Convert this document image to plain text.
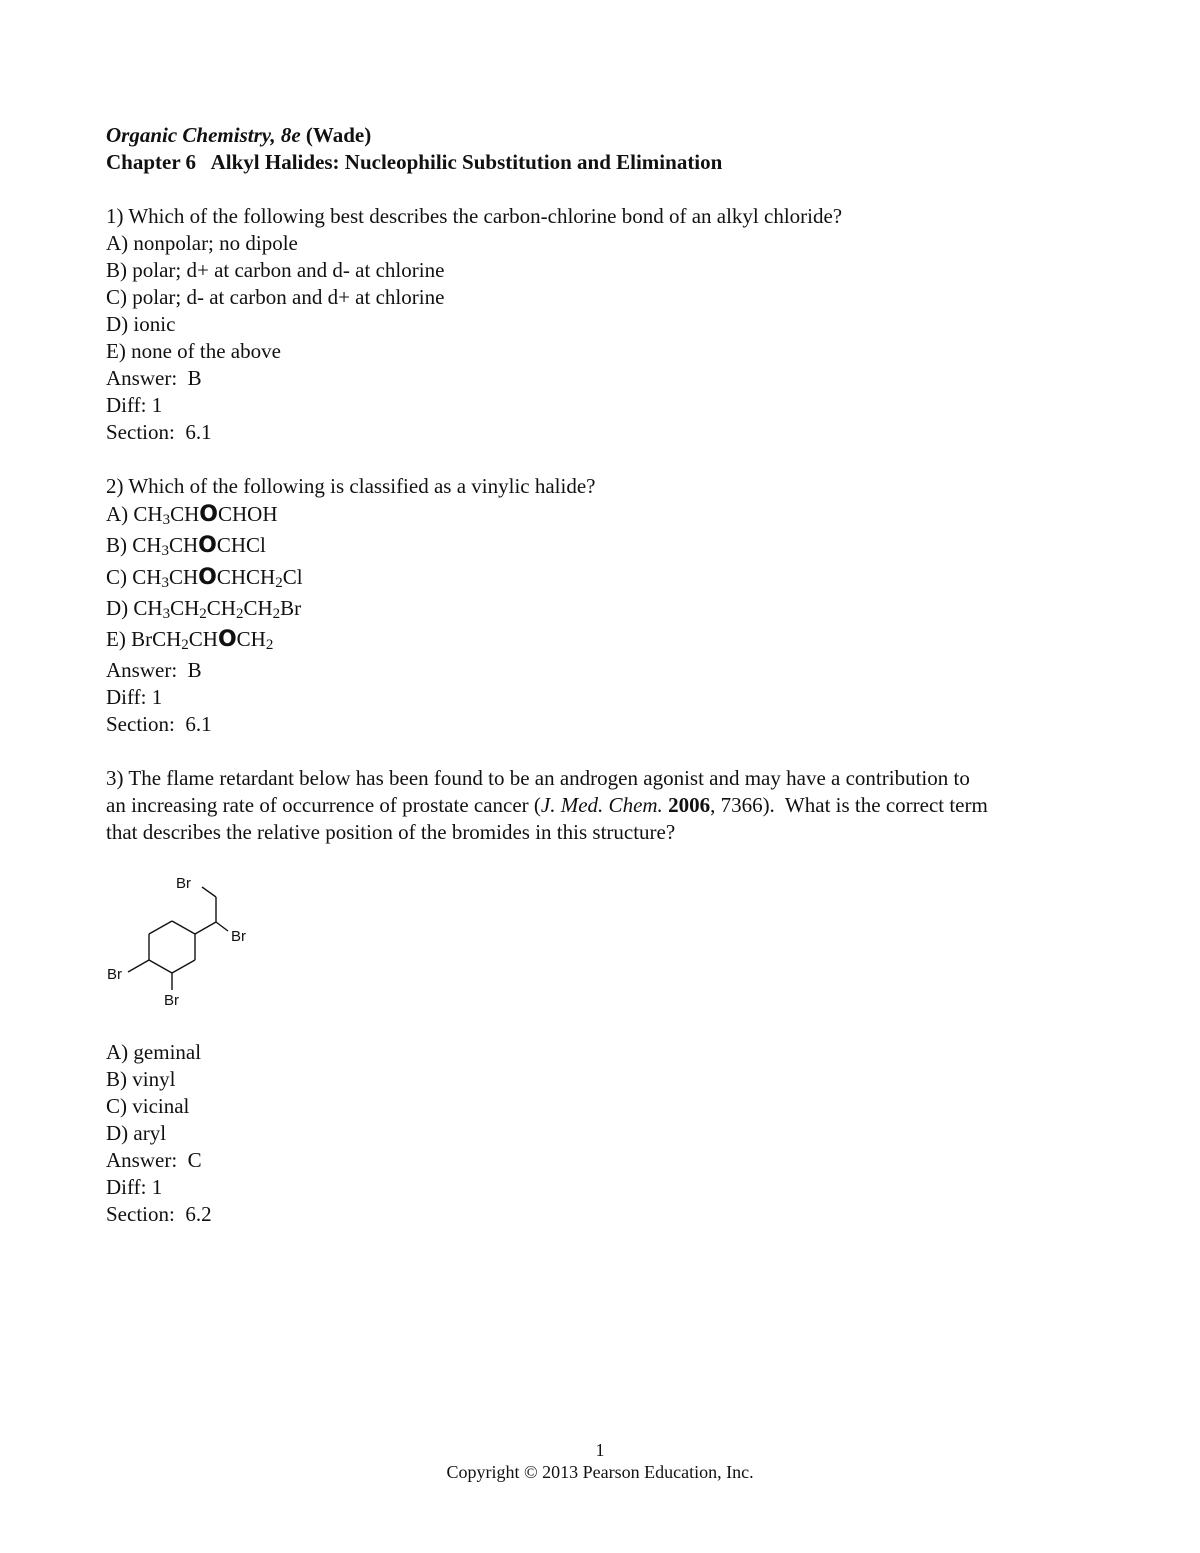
Organic Chemistry, 8e (Wade)
Chapter 6   Alkyl Halides: Nucleophilic Substitution and Elimination
1) Which of the following best describes the carbon-chlorine bond of an alkyl chloride?
A) nonpolar; no dipole
B) polar; d+ at carbon and d- at chlorine
C) polar; d- at carbon and d+ at chlorine
D) ionic
E) none of the above
Answer:  B
Diff: 1
Section:  6.1
2) Which of the following is classified as a vinylic halide?
A) $CH_3CHOCHOH$
B) $CH_3CHOCHCl$
C) $CH_3CHOCHCH_2Cl$
D) $CH_3CH_2CH_2CH_2Br$
E) $BrCH_2CHOCH_2$
Answer:  B
Diff: 1
Section:  6.1
3) The flame retardant below has been found to be an androgen agonist and may have a contribution to
an increasing rate of occurrence of prostate cancer (J. Med. Chem. 2006, 7366).  What is the correct term
that describes the relative position of the bromides in this structure?
Br
Br
Br
Br
A) geminal
B) vinyl
C) vicinal
D) aryl
Answer:  C
Diff: 1
Section:  6.2
1
Copyright © 2013 Pearson Education, Inc.
